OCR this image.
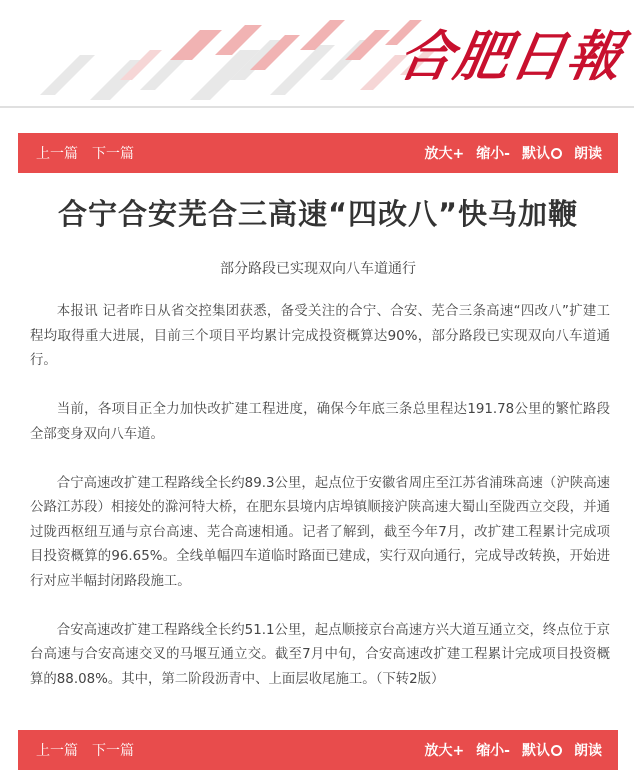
合肥日報
上一篇 下一篇	放大+ 缩小- 默认	朗读
合宁合安芜合三高速“四改八”快马加鞭
部分路段已实现双向八车道通行

本报讯 记者昨日从省交控集团获悉，备受关注的合宁、合安、芜合三条高速“四改八”扩建工程均取得重大进展，目前三个项目平均累计完成投资概算达90%，部分路段已实现双向八车道通行。

当前，各项目正全力加快改扩建工程进度，确保今年底三条总里程达191.78公里的繁忙路段全部变身双向八车道。

合宁高速改扩建工程路线全长约89.3公里，起点位于安徽省周庄至江苏省浦珠高速（沪陕高速公路江苏段）相接处的滁河特大桥，在肥东县境内店埠镇顺接沪陕高速大蜀山至陇西立交段，并通过陇西枢纽互通与京台高速、芜合高速相通。记者了解到，截至今年7月，改扩建工程累计完成项目投资概算的96.65%。全线单幅四车道临时路面已建成，实行双向通行，完成导改转换，开始进行对应半幅封闭路段施工。

合安高速改扩建工程路线全长约51.1公里，起点顺接京台高速方兴大道互通立交，终点位于京台高速与合安高速交叉的马堰互通立交。截至7月中旬，合安高速改扩建工程累计完成项目投资概算的88.08%。其中，第二阶段沥青中、上面层收尾施工。（下转2版）

上一篇 下一篇	放大+ 缩小- 默认	朗读
